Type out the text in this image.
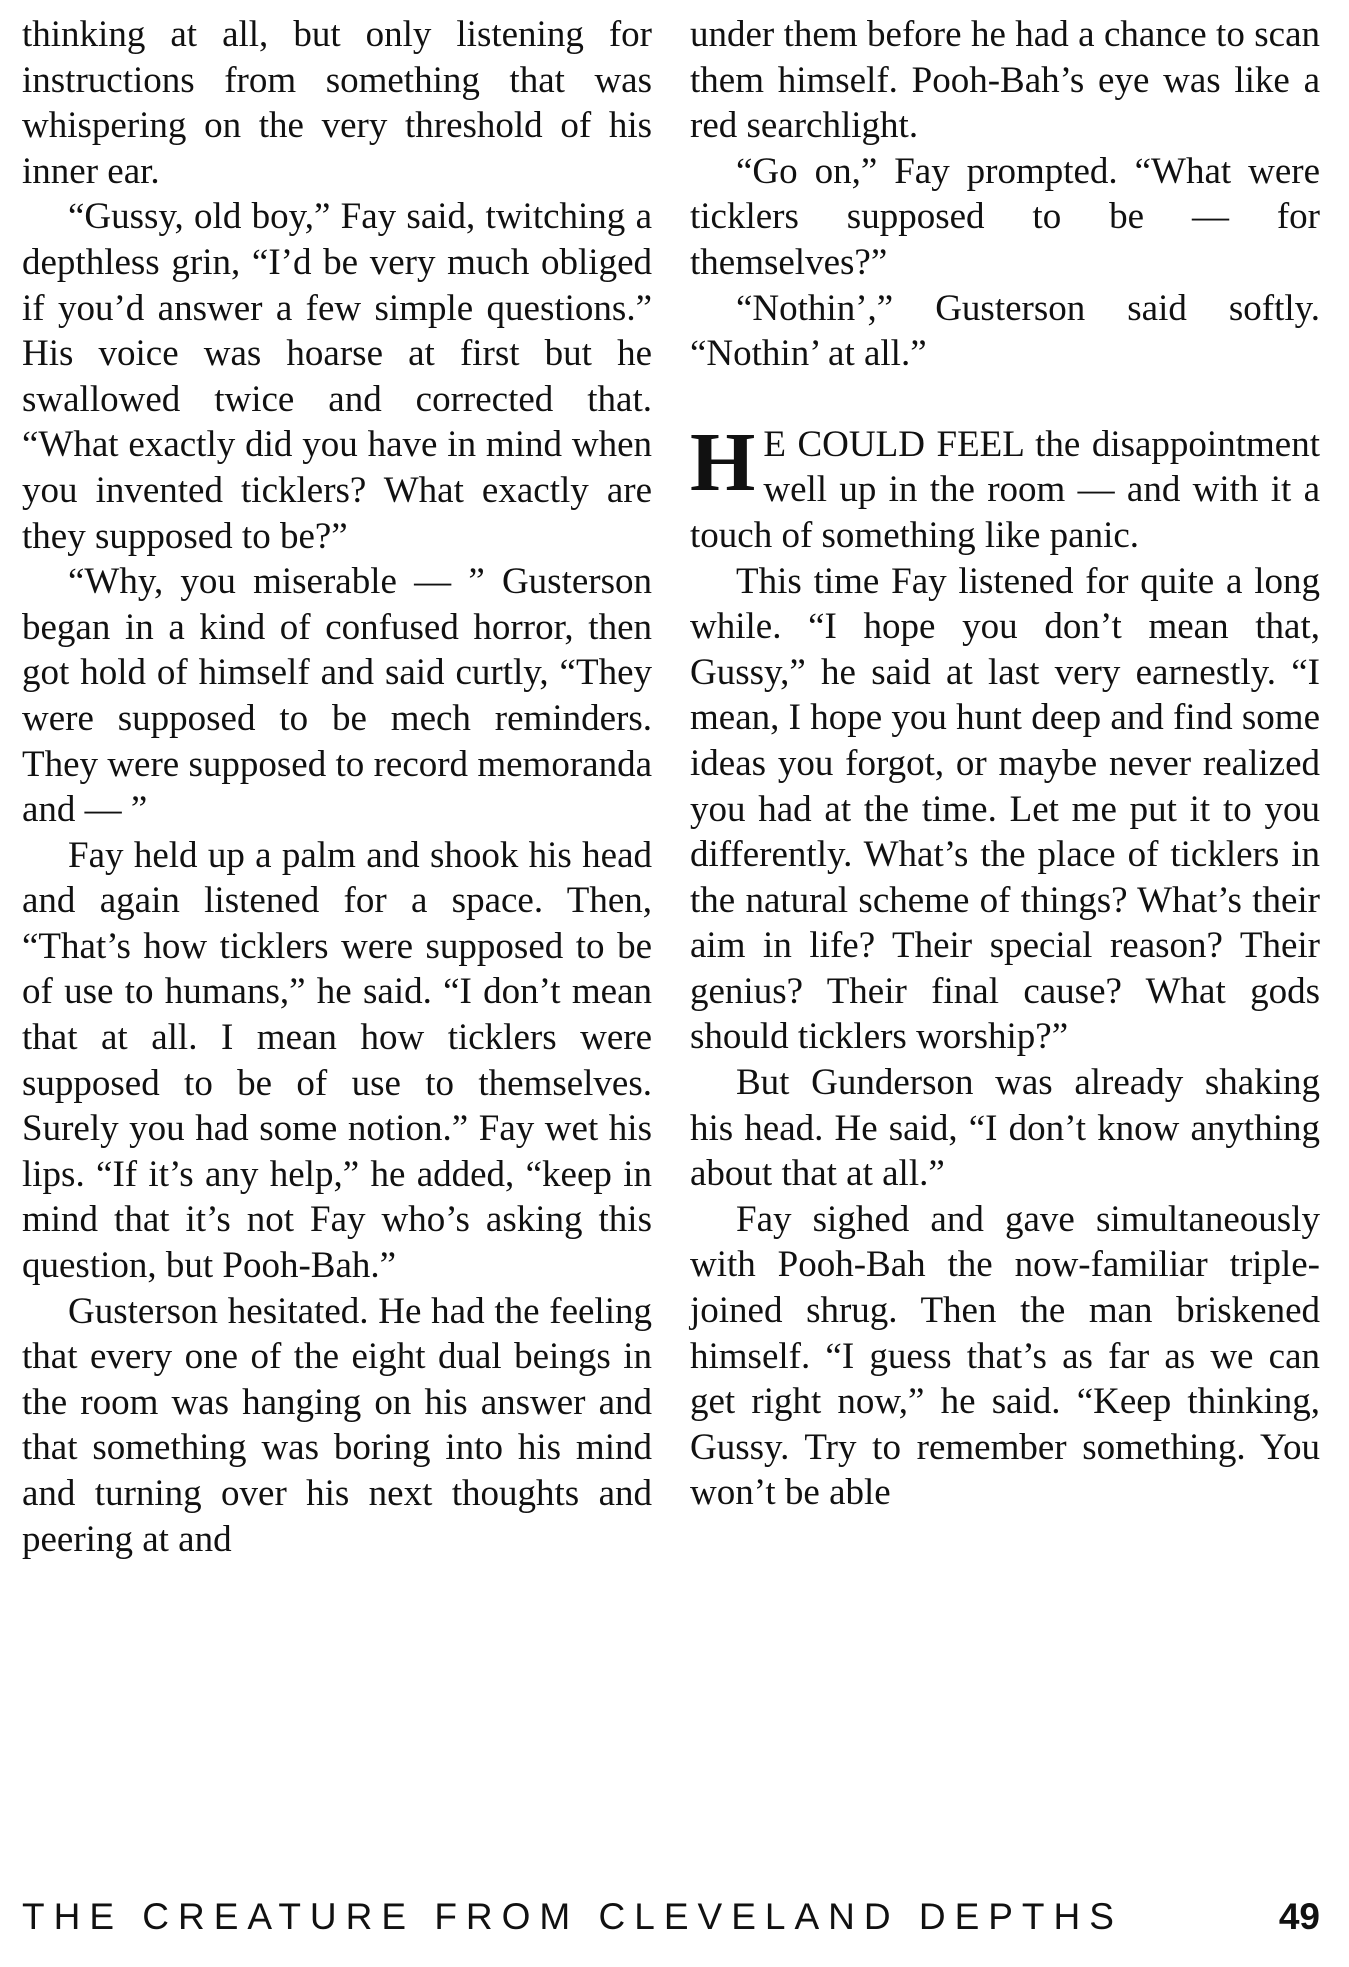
thinking at all, but only listening for instructions from something that was whispering on the very threshold of his inner ear.

“Gussy, old boy,” Fay said, twitching a depthless grin, “I’d be very much obliged if you’d answer a few simple questions.” His voice was hoarse at first but he swallowed twice and corrected that. “What exactly did you have in mind when you invented ticklers? What exactly are they supposed to be?”

“Why, you miserable — ” Gusterson began in a kind of confused horror, then got hold of himself and said curtly, “They were supposed to be mech reminders. They were supposed to record memoranda and — ”

Fay held up a palm and shook his head and again listened for a space. Then, “That’s how ticklers were supposed to be of use to humans,” he said. “I don’t mean that at all. I mean how ticklers were supposed to be of use to themselves. Surely you had some notion.” Fay wet his lips. “If it’s any help,” he added, “keep in mind that it’s not Fay who’s asking this question, but Pooh-Bah.”

Gusterson hesitated. He had the feeling that every one of the eight dual beings in the room was hanging on his answer and that something was boring into his mind and turning over his next thoughts and peering at and

under them before he had a chance to scan them himself. Pooh-Bah’s eye was like a red searchlight.

“Go on,” Fay prompted. “What were ticklers supposed to be — for themselves?”

“Nothin’,” Gusterson said softly. “Nothin’ at all.”

H E COULD FEEL the disappointment well up in the room — and with it a touch of something like panic.

This time Fay listened for quite a long while. “I hope you don’t mean that, Gussy,” he said at last very earnestly. “I mean, I hope you hunt deep and find some ideas you forgot, or maybe never realized you had at the time. Let me put it to you differently. What’s the place of ticklers in the natural scheme of things? What’s their aim in life? Their special reason? Their genius? Their final cause? What gods should ticklers worship?”

But Gunderson was already shaking his head. He said, “I don’t know anything about that at all.”

Fay sighed and gave simultaneously with Pooh-Bah the now-familiar triple-joined shrug. Then the man briskened himself. “I guess that’s as far as we can get right now,” he said. “Keep thinking, Gussy. Try to remember something. You won’t be able

THE CREATURE FROM CLEVELAND DEPTHS	49
